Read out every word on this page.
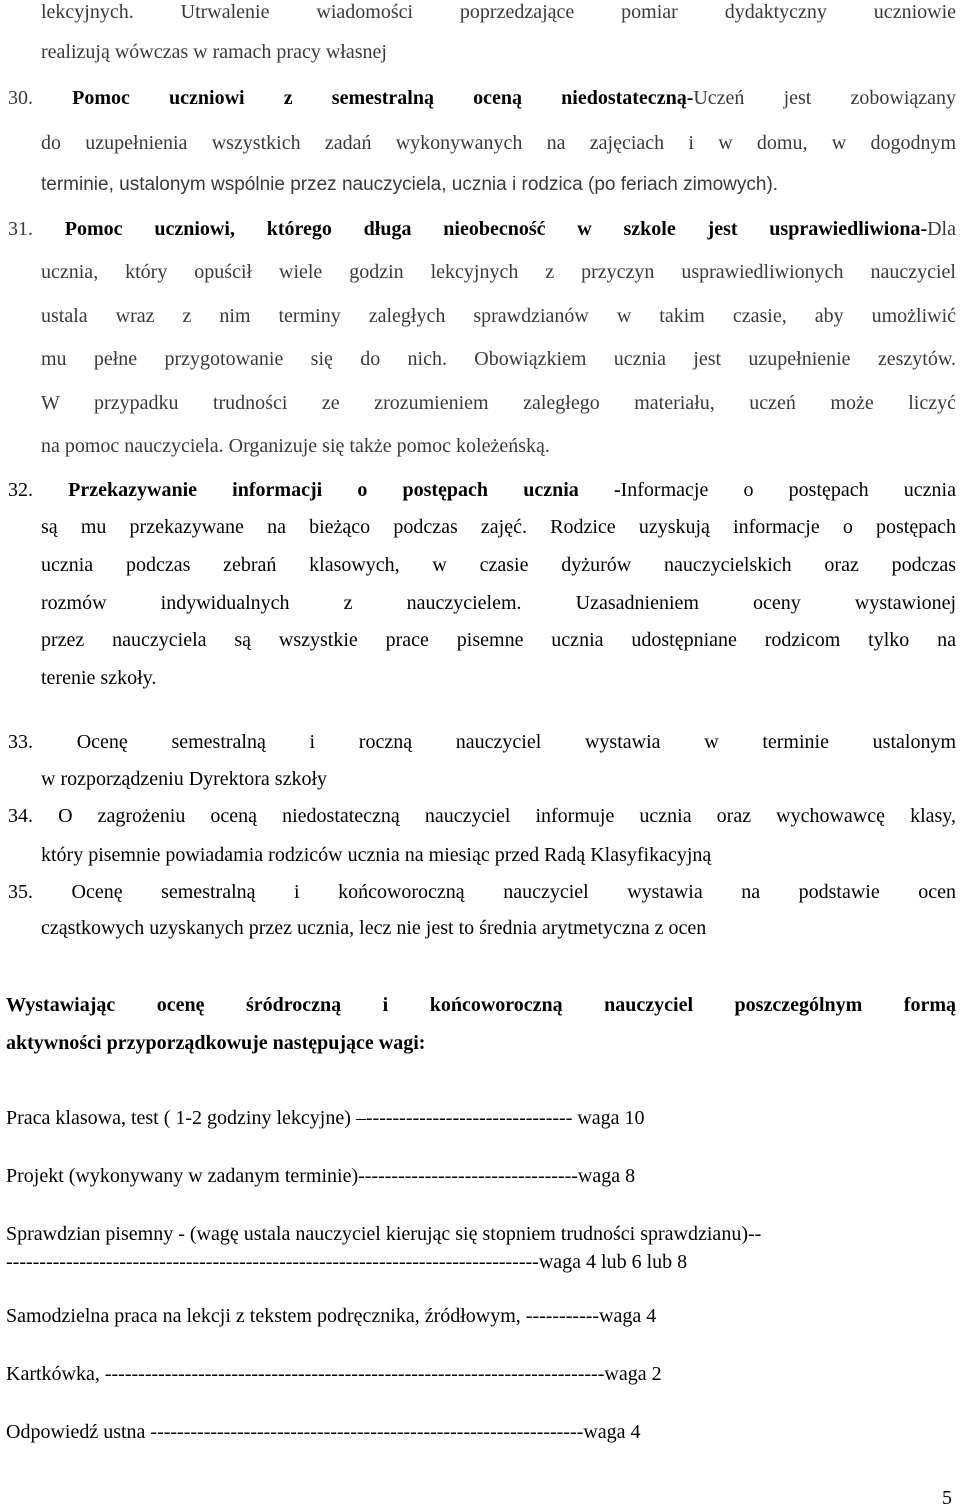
lekcyjnych. Utrwalenie wiadomości poprzedzające pomiar dydaktyczny uczniowie
realizują wówczas w ramach pracy własnej
30. Pomoc uczniowi z semestralną oceną niedostateczną-Uczeń jest zobowiązany
do uzupełnienia wszystkich zadań wykonywanych na zajęciach i w domu, w dogodnym
terminie, ustalonym wspólnie przez nauczyciela, ucznia i rodzica (po feriach zimowych).
31. Pomoc uczniowi, którego długa nieobecność w szkole jest usprawiedliwiona-Dla
ucznia, który opuścił wiele godzin lekcyjnych z przyczyn usprawiedliwionych nauczyciel
ustala wraz z nim terminy zaległych sprawdzianów w takim czasie, aby umożliwić
mu pełne przygotowanie się do nich. Obowiązkiem ucznia jest uzupełnienie zeszytów.
W przypadku trudności ze zrozumieniem zaległego materiału, uczeń może liczyć
na pomoc nauczyciela. Organizuje się także pomoc koleżeńską.
32. Przekazywanie informacji o postępach ucznia -Informacje o postępach ucznia
są mu przekazywane na bieżąco podczas zajęć. Rodzice uzyskują informacje o postępach
ucznia podczas zebrań klasowych, w czasie dyżurów nauczycielskich oraz podczas
rozmów indywidualnych z nauczycielem. Uzasadnieniem oceny wystawionej
przez nauczyciela są wszystkie prace pisemne ucznia udostępniane rodzicom tylko na
terenie szkoły.
33. Ocenę semestralną i roczną nauczyciel wystawia w terminie ustalonym
w rozporządzeniu Dyrektora szkoły
34. O zagrożeniu oceną niedostateczną nauczyciel informuje ucznia oraz wychowawcę klasy,
który pisemnie powiadamia rodziców ucznia na miesiąc przed Radą Klasyfikacyjną
35. Ocenę semestralną i końcoworoczną nauczyciel wystawia na podstawie ocen
cząstkowych uzyskanych przez ucznia, lecz nie jest to średnia arytmetyczna z ocen
Wystawiając ocenę śródroczną i końcoworoczną nauczyciel poszczególnym formą
aktywności przyporządkowuje następujące wagi:
Praca klasowa, test ( 1-2 godziny lekcyjne) –------------------------------- waga 10
Projekt (wykonywany w zadanym terminie)---------------------------------waga 8
Sprawdzian pisemny - (wagę ustala nauczyciel kierując się stopniem trudności sprawdzianu)--
--------------------------------------------------------------------------------waga 4 lub 6 lub 8
Samodzielna praca na lekcji z tekstem podręcznika, źródłowym, -----------waga 4
Kartkówka, ---------------------------------------------------------------------------waga 2
Odpowiedź ustna -----------------------------------------------------------------waga 4
5
